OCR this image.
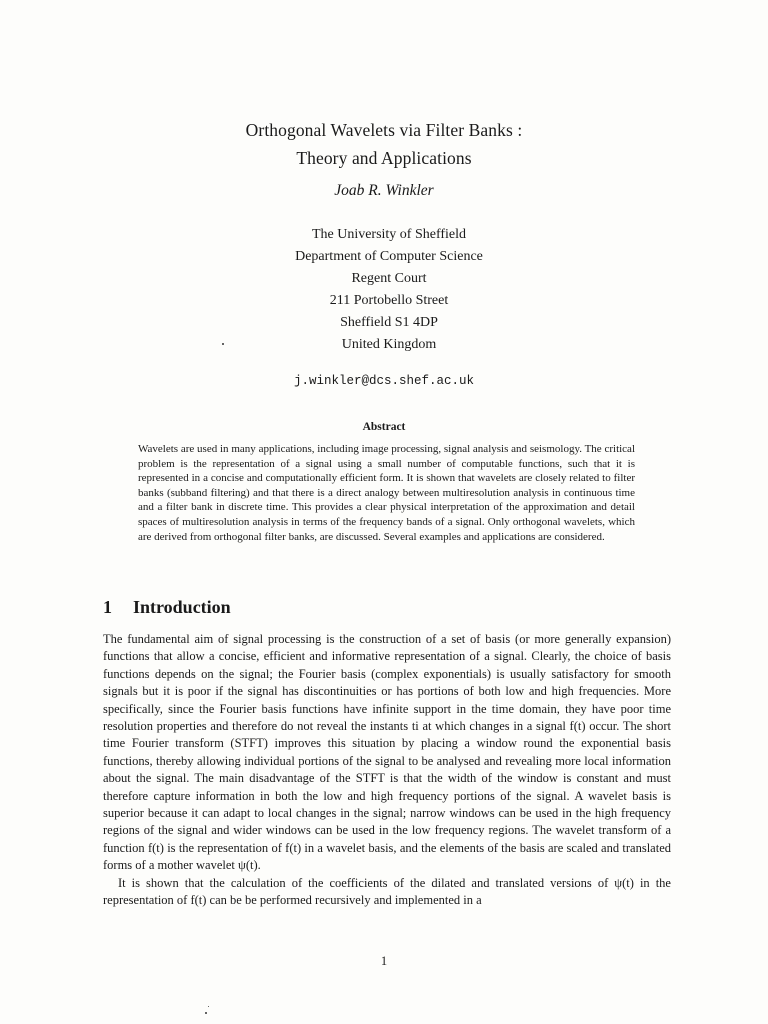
Orthogonal Wavelets via Filter Banks :
Theory and Applications
Joab R. Winkler
The University of Sheffield
Department of Computer Science
Regent Court
211 Portobello Street
Sheffield S1 4DP
United Kingdom
j.winkler@dcs.shef.ac.uk
Abstract

Wavelets are used in many applications, including image processing, signal analysis and seismology. The critical problem is the representation of a signal using a small number of computable functions, such that it is represented in a concise and computationally efficient form. It is shown that wavelets are closely related to filter banks (subband filtering) and that there is a direct analogy between multiresolution analysis in continuous time and a filter bank in discrete time. This provides a clear physical interpretation of the approximation and detail spaces of multiresolution analysis in terms of the frequency bands of a signal. Only orthogonal wavelets, which are derived from orthogonal filter banks, are discussed. Several examples and applications are considered.

1 Introduction

The fundamental aim of signal processing is the construction of a set of basis (or more generally expansion) functions that allow a concise, efficient and informative representation of a signal. Clearly, the choice of basis functions depends on the signal; the Fourier basis (complex exponentials) is usually satisfactory for smooth signals but it is poor if the signal has discontinuities or has portions of both low and high frequencies. More specifically, since the Fourier basis functions have infinite support in the time domain, they have poor time resolution properties and therefore do not reveal the instants ti at which changes in a signal f(t) occur. The short time Fourier transform (STFT) improves this situation by placing a window round the exponential basis functions, thereby allowing individual portions of the signal to be analysed and revealing more local information about the signal. The main disadvantage of the STFT is that the width of the window is constant and must therefore capture information in both the low and high frequency portions of the signal. A wavelet basis is superior because it can adapt to local changes in the signal; narrow windows can be used in the high frequency regions of the signal and wider windows can be used in the low frequency regions. The wavelet transform of a function f(t) is the representation of f(t) in a wavelet basis, and the elements of the basis are scaled and translated forms of a mother wavelet ψ(t).

It is shown that the calculation of the coefficients of the dilated and translated versions of ψ(t) in the representation of f(t) can be be performed recursively and implemented in a

1
